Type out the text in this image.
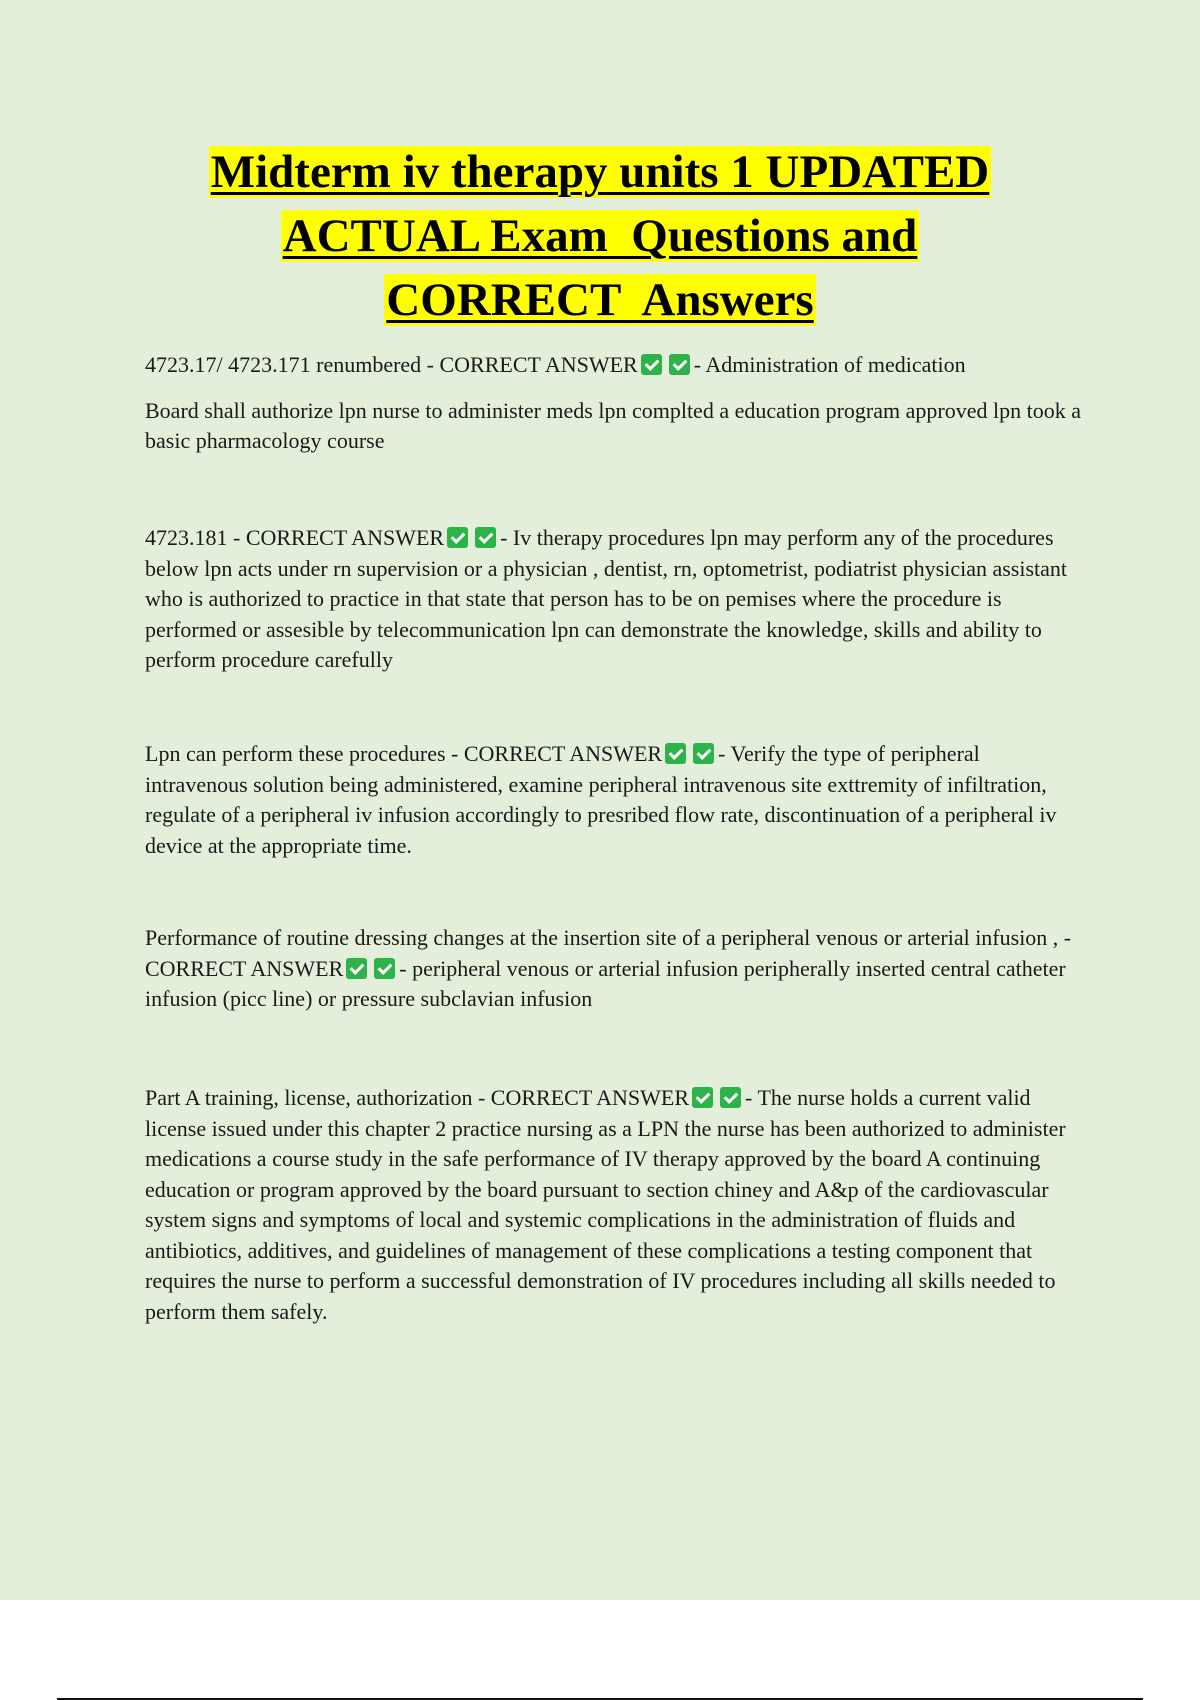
Midterm iv therapy units 1 UPDATED
ACTUAL Exam  Questions and
CORRECT  Answers
4723.17/ 4723.171 renumbered - CORRECT ANSWER	- Administration of medication
Board shall authorize lpn nurse to administer meds lpn complted a education program approved lpn took a basic pharmacology course
4723.181 - CORRECT ANSWER	- Iv therapy procedures lpn may perform any of the procedures below lpn acts under rn supervision or a physician , dentist, rn, optometrist, podiatrist physician assistant who is authorized to practice in that state that person has to be on pemises where the procedure is performed or assesible by telecommunication lpn can demonstrate the knowledge, skills and ability to perform procedure carefully
Lpn can perform these procedures - CORRECT ANSWER	- Verify the type of peripheral intravenous solution being administered, examine peripheral intravenous site exttremity of infiltration, regulate of a peripheral iv infusion accordingly to presribed flow rate, discontinuation of a peripheral iv device at the appropriate time.
Performance of routine dressing changes at the insertion site of a peripheral venous or arterial infusion , - CORRECT ANSWER	- peripheral venous or arterial infusion peripherally inserted central catheter infusion (picc line) or pressure subclavian infusion
Part A training, license, authorization - CORRECT ANSWER	- The nurse holds a current valid license issued under this chapter 2 practice nursing as a LPN the nurse has been authorized to administer medications a course study in the safe performance of IV therapy approved by the board A continuing education or program approved by the board pursuant to section chiney and A&p of the cardiovascular system signs and symptoms of local and systemic complications in the administration of fluids and antibiotics, additives, and guidelines of management of these complications a testing component that requires the nurse to perform a successful demonstration of IV procedures including all skills needed to perform them safely.
